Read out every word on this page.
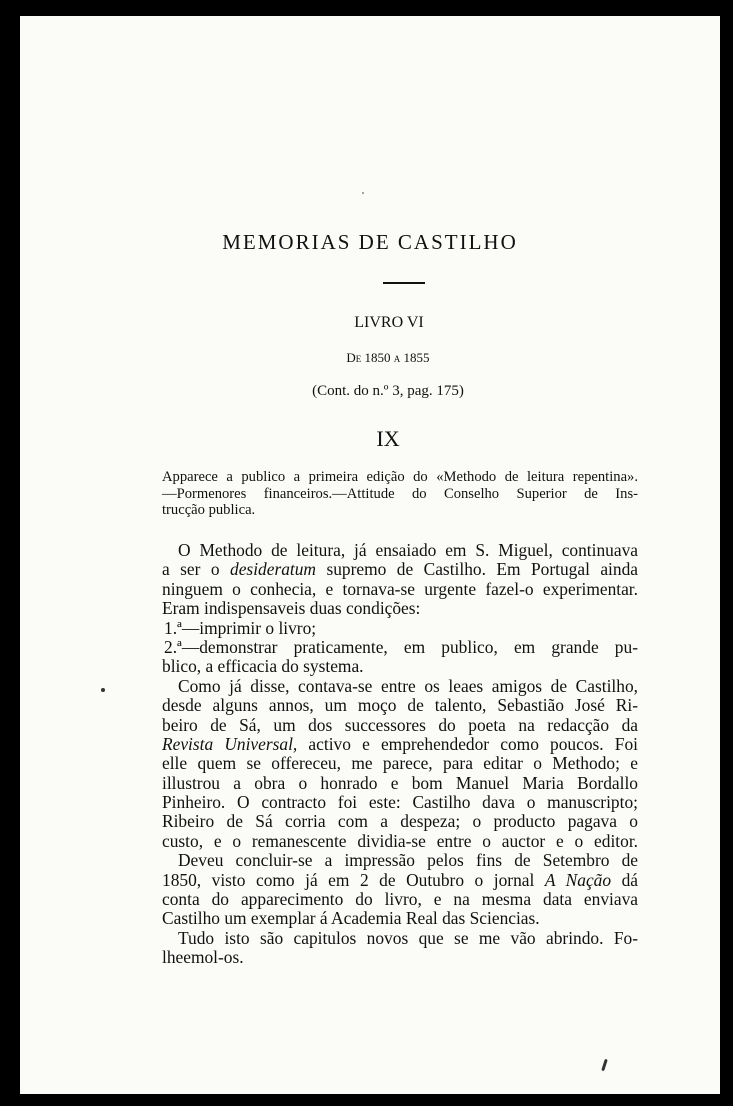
MEMORIAS DE CASTILHO
LIVRO VI
De 1850 a 1855
(Cont. do n.º 3, pag. 175)
IX
Apparece a publico a primeira edição do «Methodo de leitura repentina».
—Pormenores financeiros.—Attitude do Conselho Superior de Ins-
trucção publica.
O Methodo de leitura, já ensaiado em S. Miguel, continuava
a ser o desideratum supremo de Castilho. Em Portugal ainda
ninguem o conhecia, e tornava-se urgente fazel-o experimentar.
Eram indispensaveis duas condições:
1.ª—imprimir o livro;
2.ª—demonstrar praticamente, em publico, em grande pu-
blico, a efficacia do systema.
Como já disse, contava-se entre os leaes amigos de Castilho,
desde alguns annos, um moço de talento, Sebastião José Ri-
beiro de Sá, um dos successores do poeta na redacção da
Revista Universal, activo e emprehendedor como poucos. Foi
elle quem se offereceu, me parece, para editar o Methodo; e
illustrou a obra o honrado e bom Manuel Maria Bordallo
Pinheiro. O contracto foi este: Castilho dava o manuscripto;
Ribeiro de Sá corria com a despeza; o producto pagava o
custo, e o remanescente dividia-se entre o auctor e o editor.
Deveu concluir-se a impressão pelos fins de Setembro de
1850, visto como já em 2 de Outubro o jornal A Nação dá
conta do apparecimento do livro, e na mesma data enviava
Castilho um exemplar á Academia Real das Sciencias.
Tudo isto são capitulos novos que se me vão abrindo. Fo-
lheemol-os.
